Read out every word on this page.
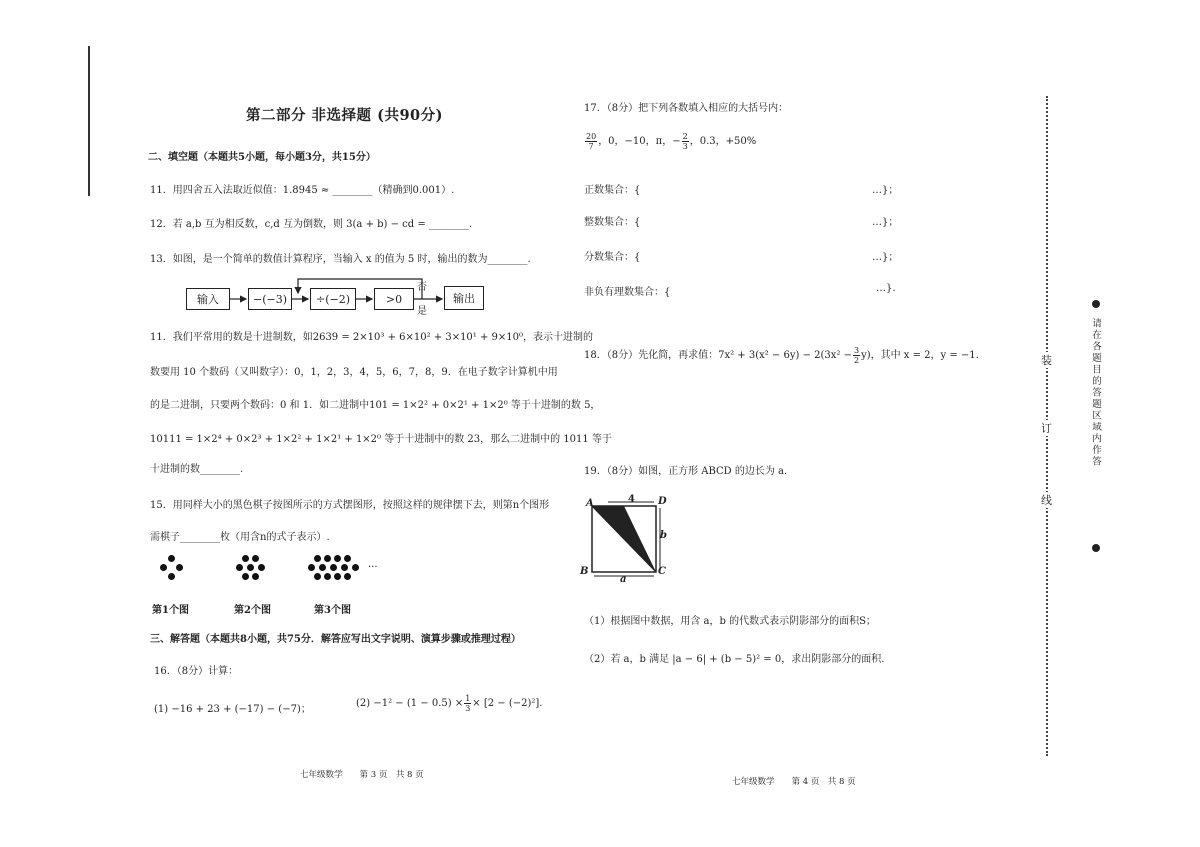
第二部分 非选择题 (共90分)
二、填空题（本题共5小题，每小题3分，共15分）
11．用四舍五入法取近似值：1.8945 ≈ ________（精确到0.001）.
12．若 a,b 互为相反数，c,d 互为倒数，则 3(a + b) − cd = ________.
13．如图，是一个简单的数值计算程序，当输入 x 的值为 5 时，输出的数为________.
输入	−(−3)	÷(−2)	>0
否
是
输出
11．我们平常用的数是十进制数，如2639 = 2×10³ + 6×10² + 3×10¹ + 9×10⁰，表示十进制的
数要用 10 个数码（又叫数字）：0，1，2，3，4，5，6，7，8，9．在电子数字计算机中用
的是二进制，只要两个数码：0 和 1．如二进制中101 = 1×2² + 0×2¹ + 1×2⁰ 等于十进制的数 5，
10111 = 1×2⁴ + 0×2³ + 1×2² + 1×2¹ + 1×2⁰ 等于十进制中的数 23，那么二进制中的 1011 等于
十进制的数________.
15．用同样大小的黑色棋子按图所示的方式摆图形，按照这样的规律摆下去，则第n个图形
需棋子________枚（用含n的式子表示）.
···
第1个图	第2个图	第3个图
三、解答题（本题共8小题，共75分．解答应写出文字说明、演算步骤或推理过程）
16．（8分）计算：
(1) −16 + 23 + (−17) − (−7)；
$(2) -1^2 - (1 - 0.5) \times \frac{1}{3} \times [2 - (-2)^2]$.
七年级数学　　第 3 页　共 8 页
17．（8分）把下列各数填入相应的大括号内：
$\frac{20}{7}$ ，0，−10，π，− $\frac{2}{3}$ ，0.3，+50%
正数集合：{	…}；
整数集合：{	…}；
分数集合：{	…}；
非负有理数集合：{	…}.
18．（8分）先化简，再求值：$7x^2 + 3(x^2 - 6y) - 2(3x^2 - \frac{3}{2} y)$，其中 x = 2，y = −1．
19．（8分）如图，正方形 ABCD 的边长为 a．
A	D
B	C
4
b
a
（1）根据图中数据，用含 a，b 的代数式表示阴影部分的面积S；
（2）若 a，b 满足 |a − 6| + (b − 5)² = 0，求出阴影部分的面积.
七年级数学　　第 4 页　共 8 页
装
订
线
请在各题目的答题区域内作答
